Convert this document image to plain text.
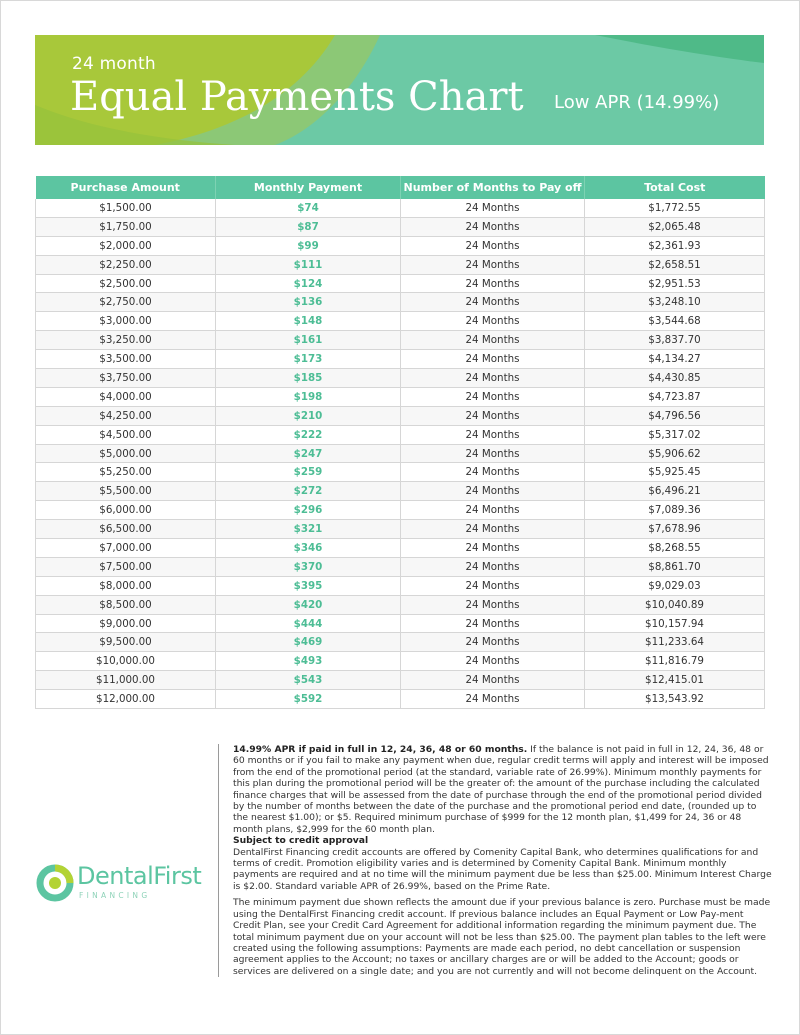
24 month
Equal Payments Chart Low APR (14.99%)
Purchase Amount	Monthly Payment	Number of Months to Pay off	Total Cost
$1,500.00	$74	24 Months	$1,772.55
$1,750.00	$87	24 Months	$2,065.48
$2,000.00	$99	24 Months	$2,361.93
$2,250.00	$111	24 Months	$2,658.51
$2,500.00	$124	24 Months	$2,951.53
$2,750.00	$136	24 Months	$3,248.10
$3,000.00	$148	24 Months	$3,544.68
$3,250.00	$161	24 Months	$3,837.70
$3,500.00	$173	24 Months	$4,134.27
$3,750.00	$185	24 Months	$4,430.85
$4,000.00	$198	24 Months	$4,723.87
$4,250.00	$210	24 Months	$4,796.56
$4,500.00	$222	24 Months	$5,317.02
$5,000.00	$247	24 Months	$5,906.62
$5,250.00	$259	24 Months	$5,925.45
$5,500.00	$272	24 Months	$6,496.21
$6,000.00	$296	24 Months	$7,089.36
$6,500.00	$321	24 Months	$7,678.96
$7,000.00	$346	24 Months	$8,268.55
$7,500.00	$370	24 Months	$8,861.70
$8,000.00	$395	24 Months	$9,029.03
$8,500.00	$420	24 Months	$10,040.89
$9,000.00	$444	24 Months	$10,157.94
$9,500.00	$469	24 Months	$11,233.64
$10,000.00	$493	24 Months	$11,816.79
$11,000.00	$543	24 Months	$12,415.01
$12,000.00	$592	24 Months	$13,543.92
DentalFirst
FINANCING

14.99% APR if paid in full in 12, 24, 36, 48 or 60 months. If the balance is not paid in full in 12, 24, 36, 48 or 60 months or if you fail to make any payment when due, regular credit terms will apply and interest will be imposed from the end of the promotional period (at the standard, variable rate of 26.99%). Minimum monthly payments for this plan during the promotional period will be the greater of: the amount of the purchase including the calculated finance charges that will be assessed from the date of purchase through the end of the promotional period divided by the number of months between the date of the purchase and the promotional period end date, (rounded up to the nearest $1.00); or $5. Required minimum purchase of $999 for the 12 month plan, $1,499 for 24, 36 or 48 month plans, $2,999 for the 60 month plan.

Subject to credit approval

DentalFirst Financing credit accounts are offered by Comenity Capital Bank, who determines qualifications for and terms of credit. Promotion eligibility varies and is determined by Comenity Capital Bank. Minimum monthly payments are required and at no time will the minimum payment due be less than $25.00. Minimum Interest Charge is $2.00. Standard variable APR of 26.99%, based on the Prime Rate.

The minimum payment due shown reflects the amount due if your previous balance is zero. Purchase must be made using the DentalFirst Financing credit account. If previous balance includes an Equal Payment or Low Pay-ment Credit Plan, see your Credit Card Agreement for additional information regarding the minimum payment due. The total minimum payment due on your account will not be less than $25.00. The payment plan tables to the left were created using the following assumptions: Payments are made each period, no debt cancellation or suspension agreement applies to the Account; no taxes or ancillary charges are or will be added to the Account; goods or services are delivered on a single date; and you are not currently and will not become delinquent on the Account.
